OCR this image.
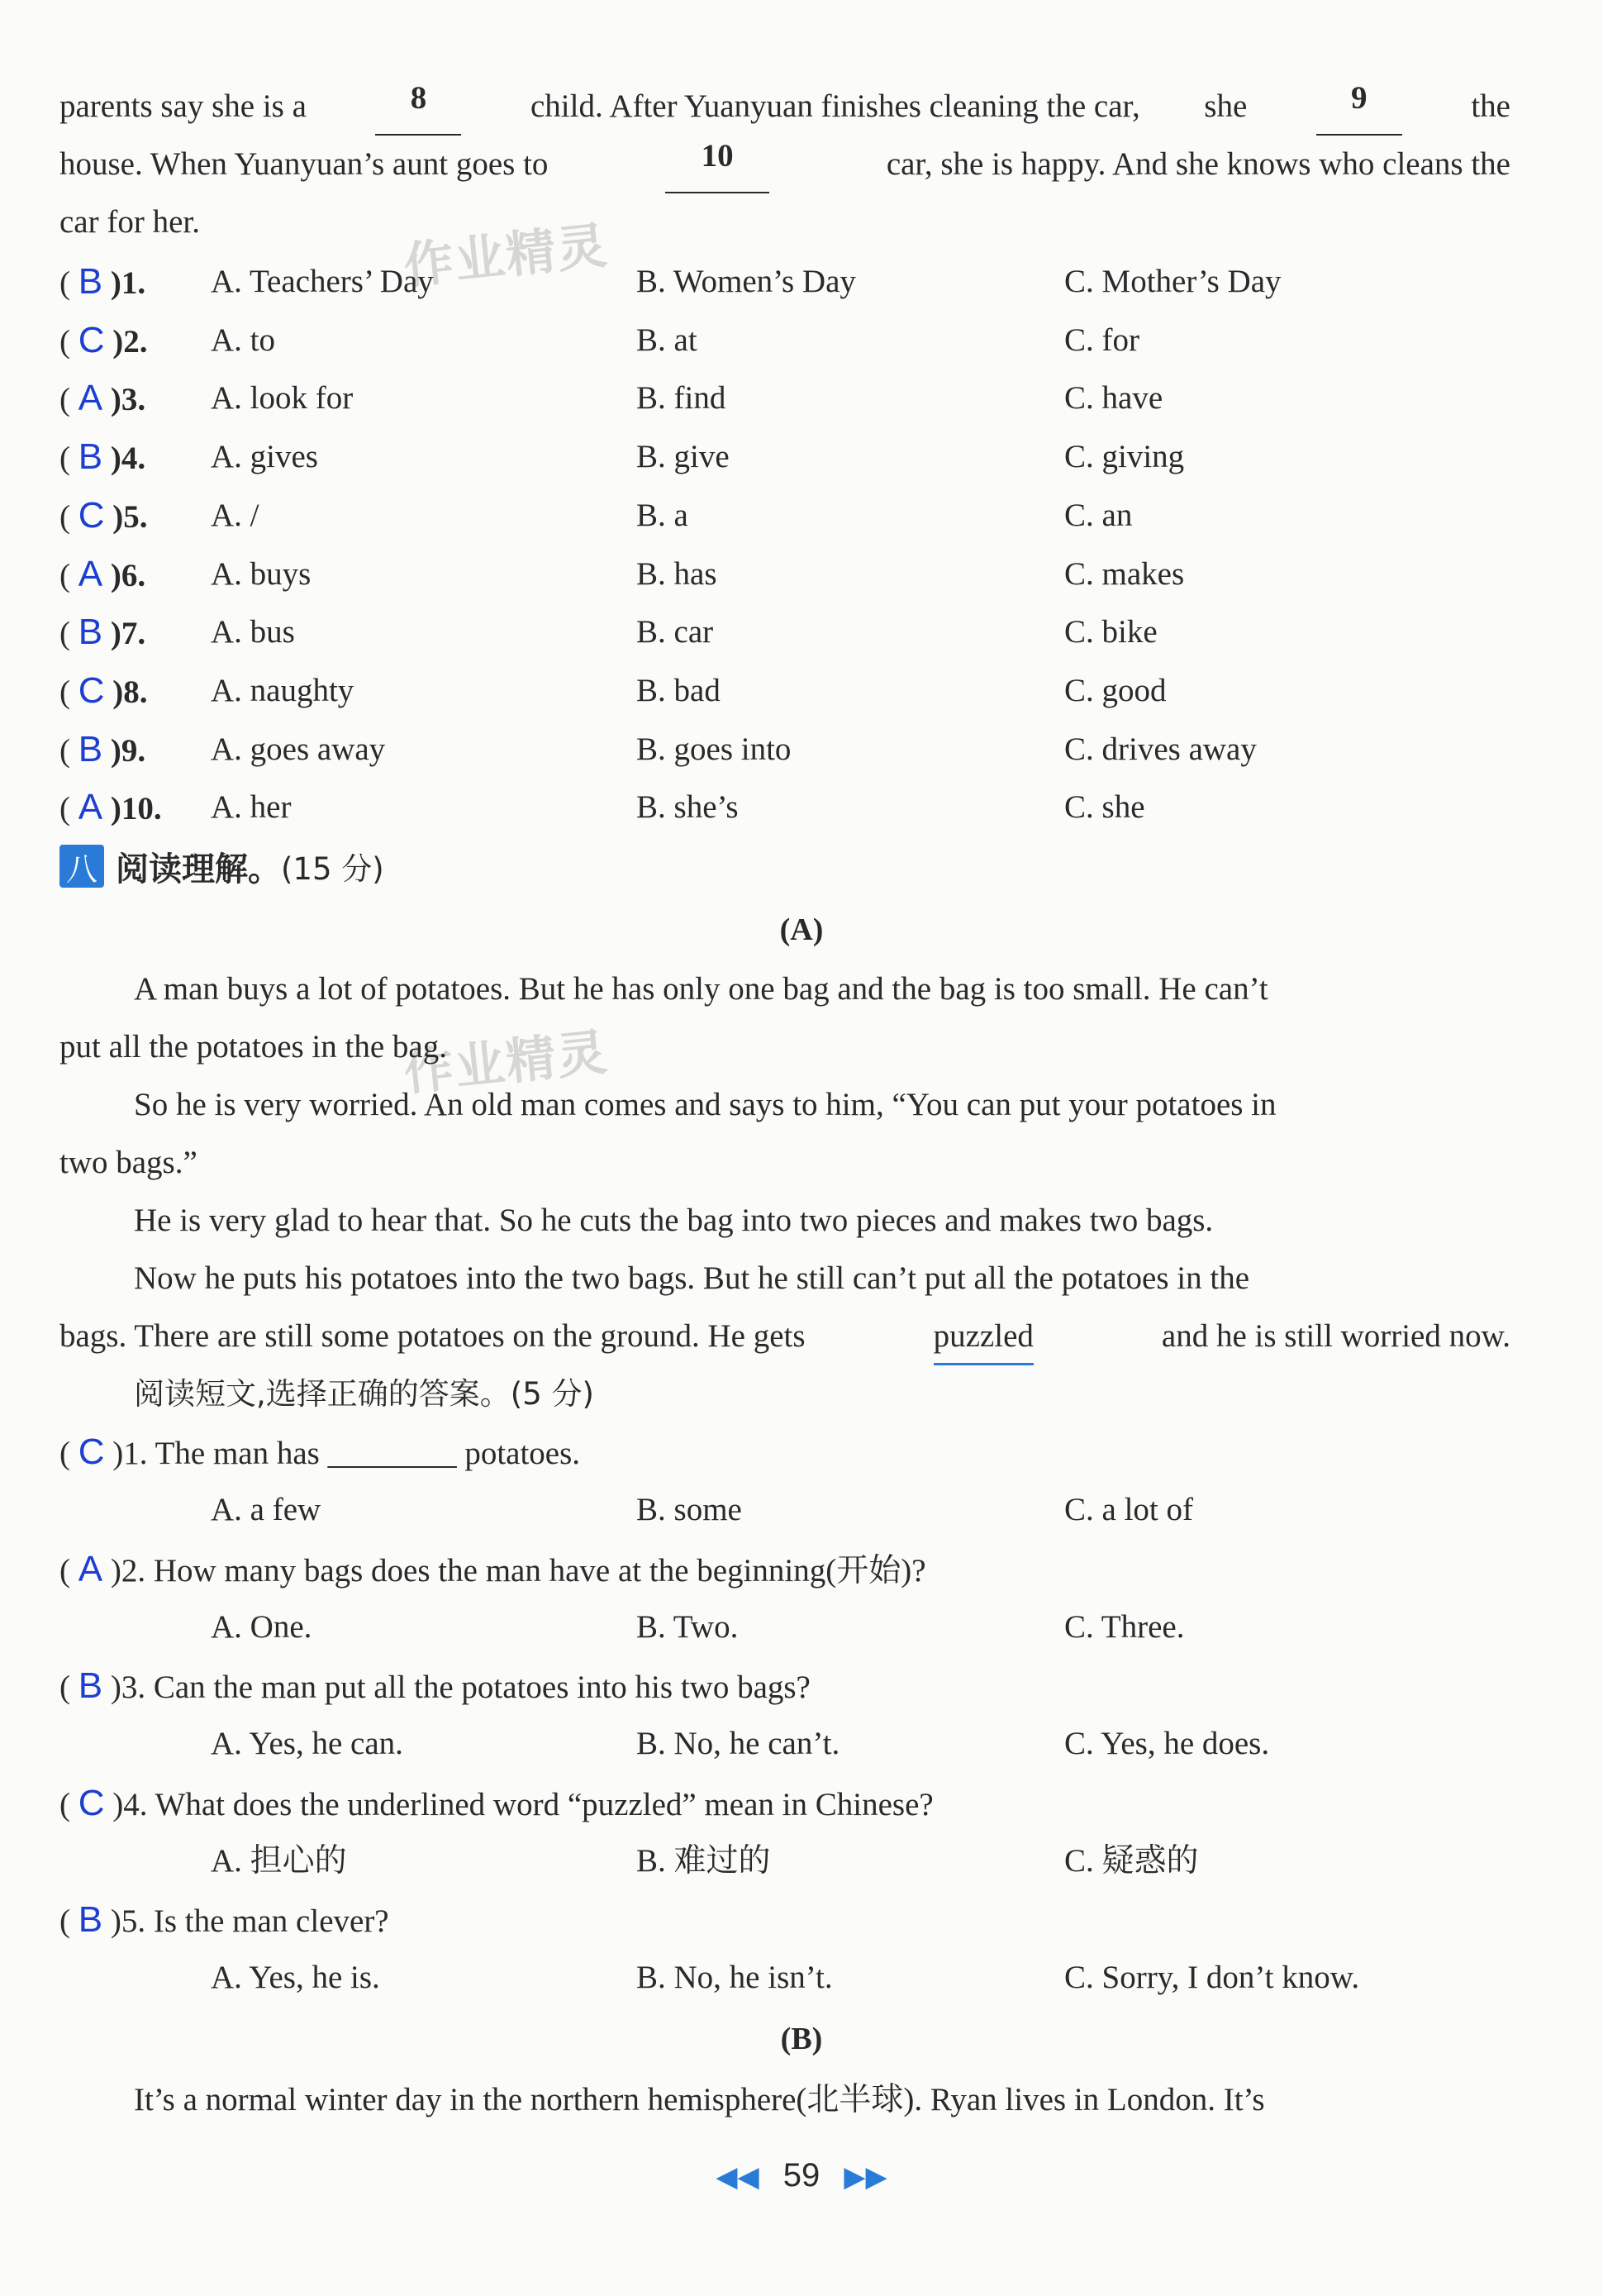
作业精灵
作业精灵
parents say she is a	8	child. After Yuanyuan finishes cleaning the car, she	9	the
house. When Yuanyuan’s aunt goes to	10	car, she is happy. And she knows who cleans the
car for her.
( B )1. A. Teachers’ Day	B. Women’s Day	C. Mother’s Day
( C )2. A. to	B. at	C. for
( A )3. A. look for	B. find	C. have
( B )4. A. gives	B. give	C. giving
( C )5. A. /	B. a	C. an
( A )6. A. buys	B. has	C. makes
( B )7. A. bus	B. car	C. bike
( C )8. A. naughty	B. bad	C. good
( B )9. A. goes away	B. goes into	C. drives away
( A )10. A. her	B. she’s	C. she
八 阅读理解。 (15 分)
(A)
A man buys a lot of potatoes. But he has only one bag and the bag is too small. He can’t
put all the potatoes in the bag.
So he is very worried. An old man comes and says to him, “You can put your potatoes in
two bags.”
He is very glad to hear that. So he cuts the bag into two pieces and makes two bags.
Now he puts his potatoes into the two bags. But he still can’t put all the potatoes in the
bags. There are still some potatoes on the ground. He gets	puzzled	and he is still worried now.
阅读短文,选择正确的答案。(5 分)
( C )1. The man has ________ potatoes.
A. a few	B. some	C. a lot of
( A )2. How many bags does the man have at the beginning(开始)?
A. One.	B. Two.	C. Three.
( B )3. Can the man put all the potatoes into his two bags?
A. Yes, he can.	B. No, he can’t.	C. Yes, he does.
( C )4. What does the underlined word “puzzled” mean in Chinese?
A. 担心的	B. 难过的	C. 疑惑的
( B )5. Is the man clever?
A. Yes, he is.	B. No, he isn’t.	C. Sorry, I don’t know.
(B)
It’s a normal winter day in the northern hemisphere(北半球). Ryan lives in London. It’s
◀◀ 59 ▶▶
